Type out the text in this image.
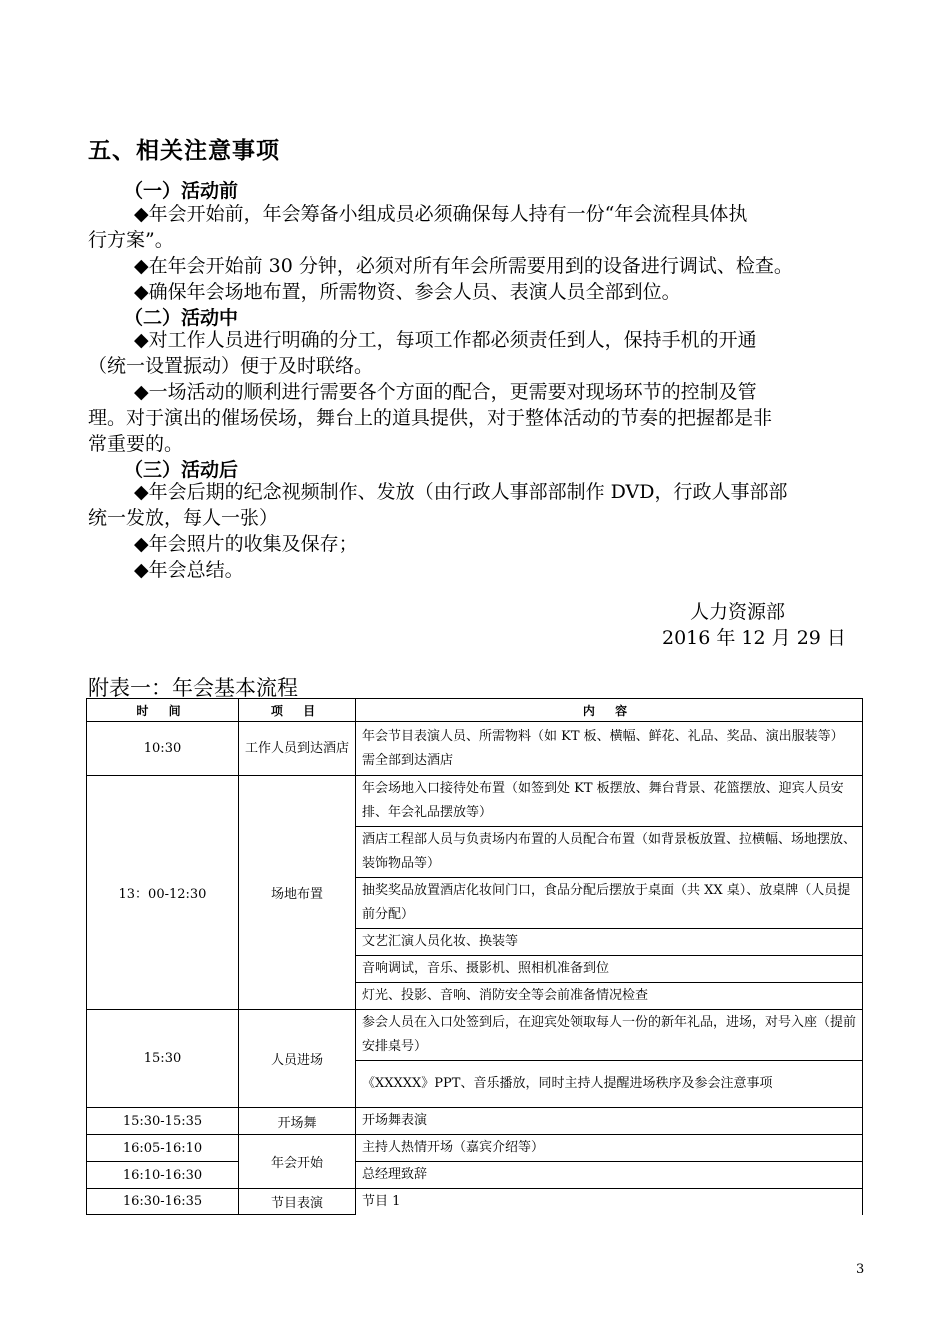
五、相关注意事项
（一）活动前
◆年会开始前，年会筹备小组成员必须确保每人持有一份“年会流程具体执
行方案”。
◆在年会开始前 30 分钟，必须对所有年会所需要用到的设备进行调试、检查。
◆确保年会场地布置，所需物资、参会人员、表演人员全部到位。
（二）活动中
◆对工作人员进行明确的分工，每项工作都必须责任到人，保持手机的开通
（统一设置振动）便于及时联络。
◆一场活动的顺利进行需要各个方面的配合，更需要对现场环节的控制及管
理。对于演出的催场侯场，舞台上的道具提供，对于整体活动的节奏的把握都是非
常重要的。
（三）活动后
◆年会后期的纪念视频制作、发放（由行政人事部部制作 DVD，行政人事部部
统一发放，每人一张）
◆年会照片的收集及保存；
◆年会总结。
人力资源部
2016 年 12 月 29 日
附表一：年会基本流程
时 间	项 目	内 容
10:30	工作人员到达酒店	年会节目表演人员、所需物料（如 KT 板、横幅、鲜花、礼品、奖品、演出服装等）需全部到达酒店
13：00-12:30	场地布置	年会场地入口接待处布置（如签到处 KT 板摆放、舞台背景、花篮摆放、迎宾人员安排、年会礼品摆放等）
		酒店工程部人员与负责场内布置的人员配合布置（如背景板放置、拉横幅、场地摆放、装饰物品等）
		抽奖奖品放置酒店化妆间门口，食品分配后摆放于桌面（共 XX 桌）、放桌牌（人员提前分配）
		文艺汇演人员化妆、换装等
		音响调试，音乐、摄影机、照相机准备到位
		灯光、投影、音响、消防安全等会前准备情况检查
15:30	人员进场	参会人员在入口处签到后，在迎宾处领取每人一份的新年礼品，进场，对号入座（提前安排桌号）
		《XXXXX》PPT、音乐播放，同时主持人提醒进场秩序及参会注意事项
15:30-15:35	开场舞	开场舞表演
16:05-16:10	年会开始	主持人热情开场（嘉宾介绍等）
16:10-16:30		总经理致辞
16:30-16:35	节目表演	节目 1
3
